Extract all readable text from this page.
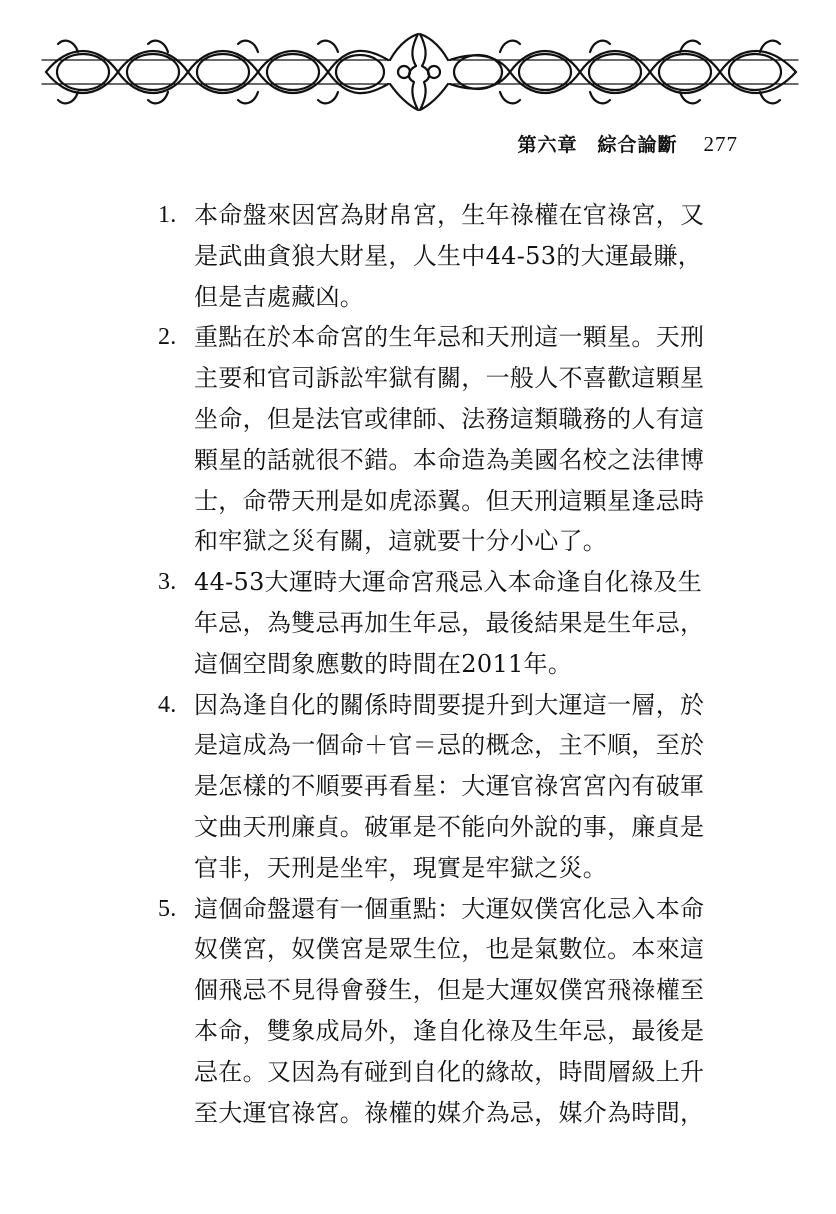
第六章　綜合論斷 277
1. 本命盤來因宮為財帛宮，生年祿權在官祿宮，又
是武曲貪狼大財星，人生中44-53的大運最賺，
但是吉處藏凶。
2. 重點在於本命宮的生年忌和天刑這一顆星。天刑
主要和官司訴訟牢獄有關，一般人不喜歡這顆星
坐命，但是法官或律師、法務這類職務的人有這
顆星的話就很不錯。本命造為美國名校之法律博
士，命帶天刑是如虎添翼。但天刑這顆星逢忌時
和牢獄之災有關，這就要十分小心了。
3. 44-53大運時大運命宮飛忌入本命逢自化祿及生
年忌，為雙忌再加生年忌，最後結果是生年忌，
這個空間象應數的時間在2011年。
4. 因為逢自化的關係時間要提升到大運這一層，於
是這成為一個命＋官＝忌的概念，主不順，至於
是怎樣的不順要再看星：大運官祿宮宮內有破軍
文曲天刑廉貞。破軍是不能向外說的事，廉貞是
官非，天刑是坐牢，現實是牢獄之災。
5. 這個命盤還有一個重點：大運奴僕宮化忌入本命
奴僕宮，奴僕宮是眾生位，也是氣數位。本來這
個飛忌不見得會發生，但是大運奴僕宮飛祿權至
本命，雙象成局外，逢自化祿及生年忌，最後是
忌在。又因為有碰到自化的緣故，時間層級上升
至大運官祿宮。祿權的媒介為忌，媒介為時間，
